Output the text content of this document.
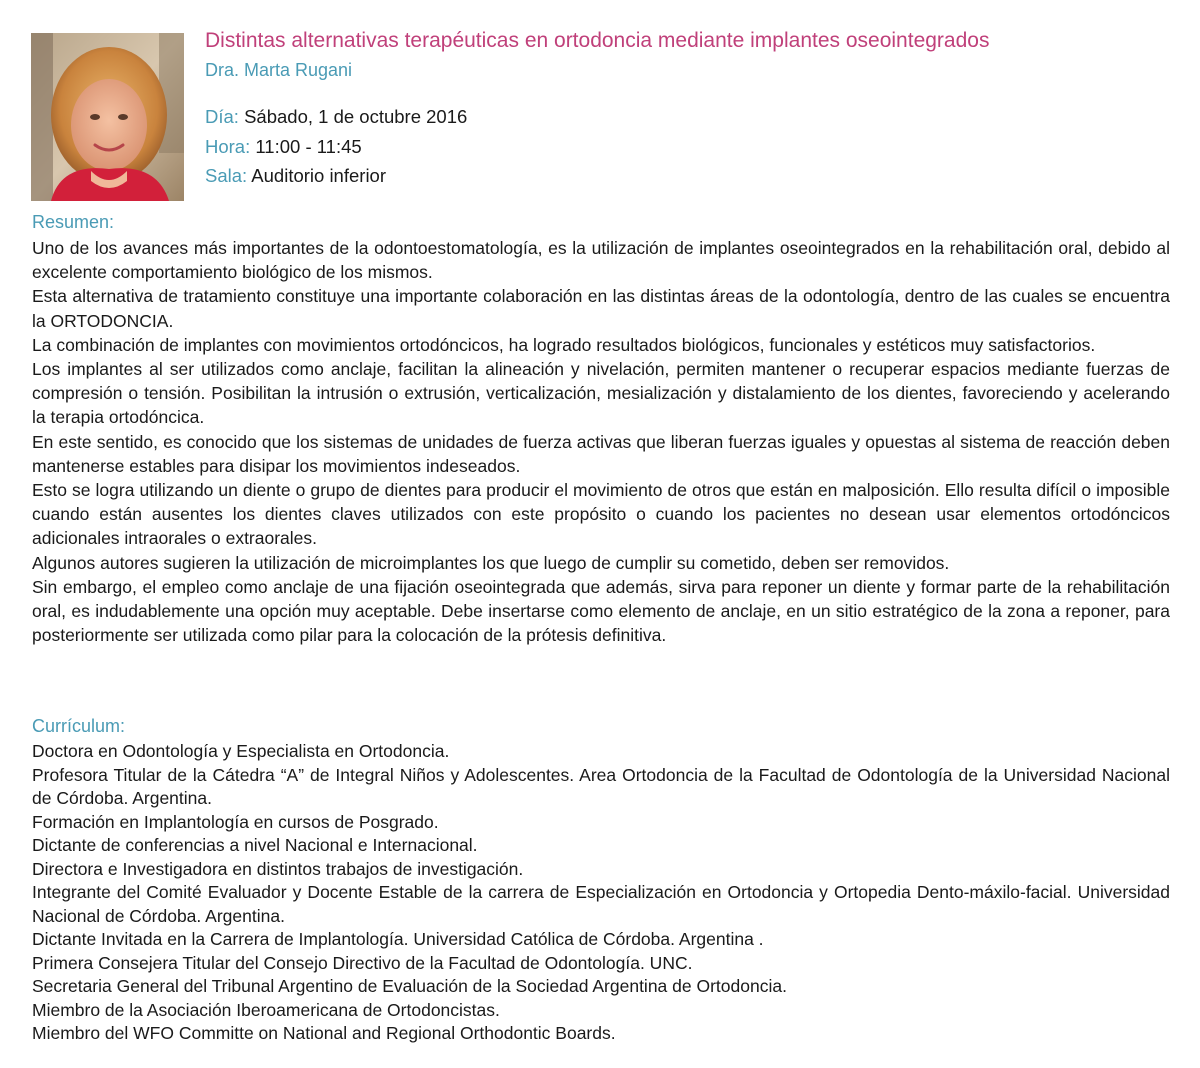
Distintas alternativas terapéuticas en ortodoncia mediante implantes oseointegrados
Dra. Marta Rugani
Día: Sábado, 1 de octubre 2016
Hora: 11:00 - 11:45
Sala: Auditorio inferior
Resumen:

Uno de los avances más importantes de la odontoestomatología, es la utilización de implantes oseointegrados en la rehabilitación oral, debido al excelente comportamiento biológico de los mismos.

Esta alternativa de tratamiento constituye una importante colaboración en las distintas áreas de la odontología, dentro de las cuales se encuentra la ORTODONCIA.

La combinación de implantes con movimientos ortodóncicos, ha logrado resultados biológicos, funcionales y estéticos muy satisfactorios.

Los implantes al ser utilizados como anclaje, facilitan la alineación y nivelación, permiten mantener o recuperar espacios mediante fuerzas de compresión o tensión. Posibilitan la intrusión o extrusión, verticalización, mesialización y distalamiento de los dientes, favoreciendo y acelerando la terapia ortodóncica.

En este sentido, es conocido que los sistemas de unidades de fuerza activas que liberan fuerzas iguales y opuestas al sistema de reacción deben mantenerse estables para disipar los movimientos indeseados.

Esto se logra utilizando un diente o grupo de dientes para producir el movimiento de otros que están en malposición. Ello resulta difícil o imposible cuando están ausentes los dientes claves utilizados con este propósito o cuando los pacientes no desean usar elementos ortodóncicos adicionales intraorales o extraorales.

Algunos autores sugieren la utilización de microimplantes los que luego de cumplir su cometido, deben ser removidos.

Sin embargo, el empleo como anclaje de una fijación oseointegrada que además, sirva para reponer un diente y formar parte de la rehabilitación oral, es indudablemente una opción muy aceptable. Debe insertarse como elemento de anclaje, en un sitio estratégico de la zona a reponer, para posteriormente ser utilizada como pilar para la colocación de la prótesis definitiva.

Currículum:

Doctora en Odontología y Especialista en Ortodoncia.

Profesora Titular de la Cátedra “A” de Integral Niños y Adolescentes. Area Ortodoncia de la Facultad de Odontología de la Universidad Nacional de Córdoba. Argentina.

Formación en Implantología en cursos de Posgrado.

Dictante de conferencias a nivel Nacional e Internacional.

Directora e Investigadora en distintos trabajos de investigación.

Integrante del Comité Evaluador y Docente Estable de la carrera de Especialización en Ortodoncia y Ortopedia Dento-máxilo-facial. Universidad Nacional de Córdoba. Argentina.

Dictante Invitada en la Carrera de Implantología. Universidad Católica de Córdoba. Argentina .

Primera Consejera Titular del Consejo Directivo de la Facultad de Odontología. UNC.

Secretaria General del Tribunal Argentino de Evaluación de la Sociedad Argentina de Ortodoncia.

Miembro de la Asociación Iberoamericana de Ortodoncistas.

Miembro del WFO Committe on National and Regional Orthodontic Boards.
